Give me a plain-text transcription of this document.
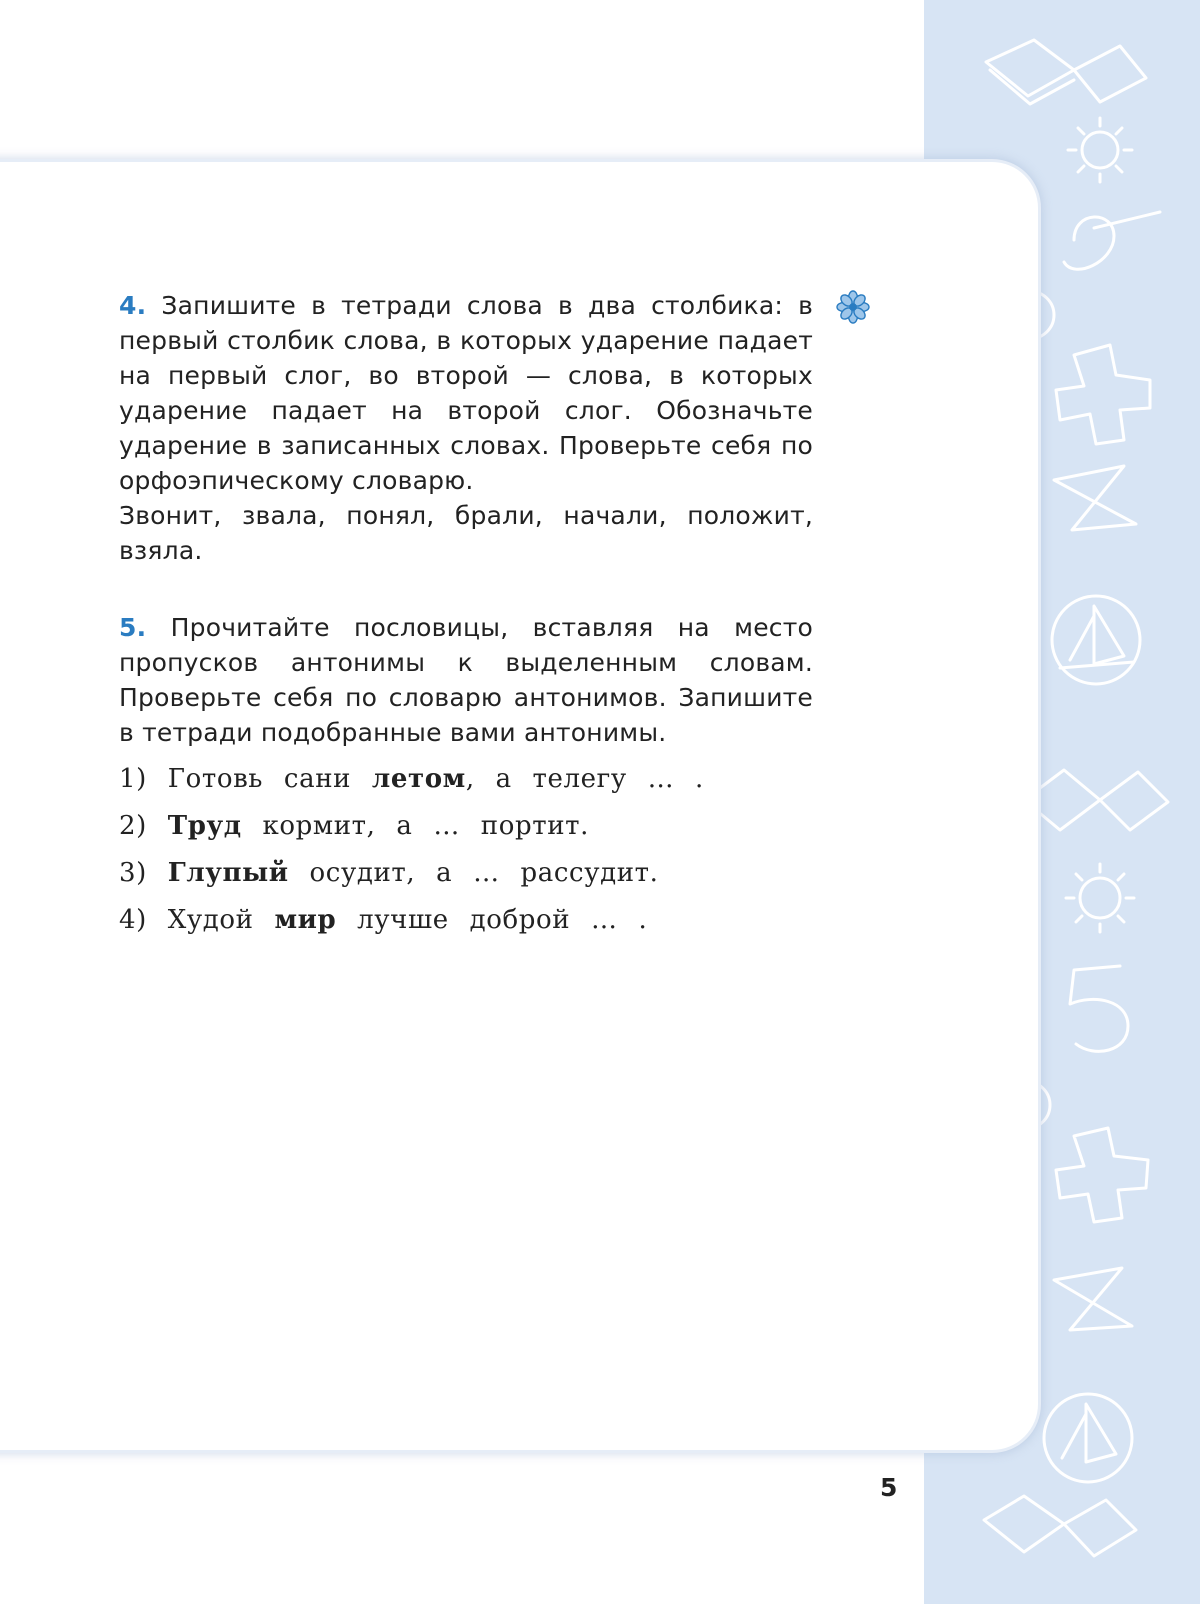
4. Запишите в тетради слова в два столбика: в первый столбик слова, в которых ударение падает на первый слог, во второй — слова, в которых ударение падает на второй слог. Обозначьте ударение в записанных словах. Проверьте себя по орфоэпическому словарю.

Звонит, звала, понял, брали, начали, положит, взяла.

5. Прочитайте пословицы, вставляя на место пропусков антонимы к выделенным словам. Проверьте себя по словарю антонимов. Запишите в тетради подобранные вами антонимы.

1) Готовь сани летом, а телегу … .
2) Труд кормит, а … портит.
3) Глупый осудит, а … рассудит.
4) Худой мир лучше доброй … .
5
